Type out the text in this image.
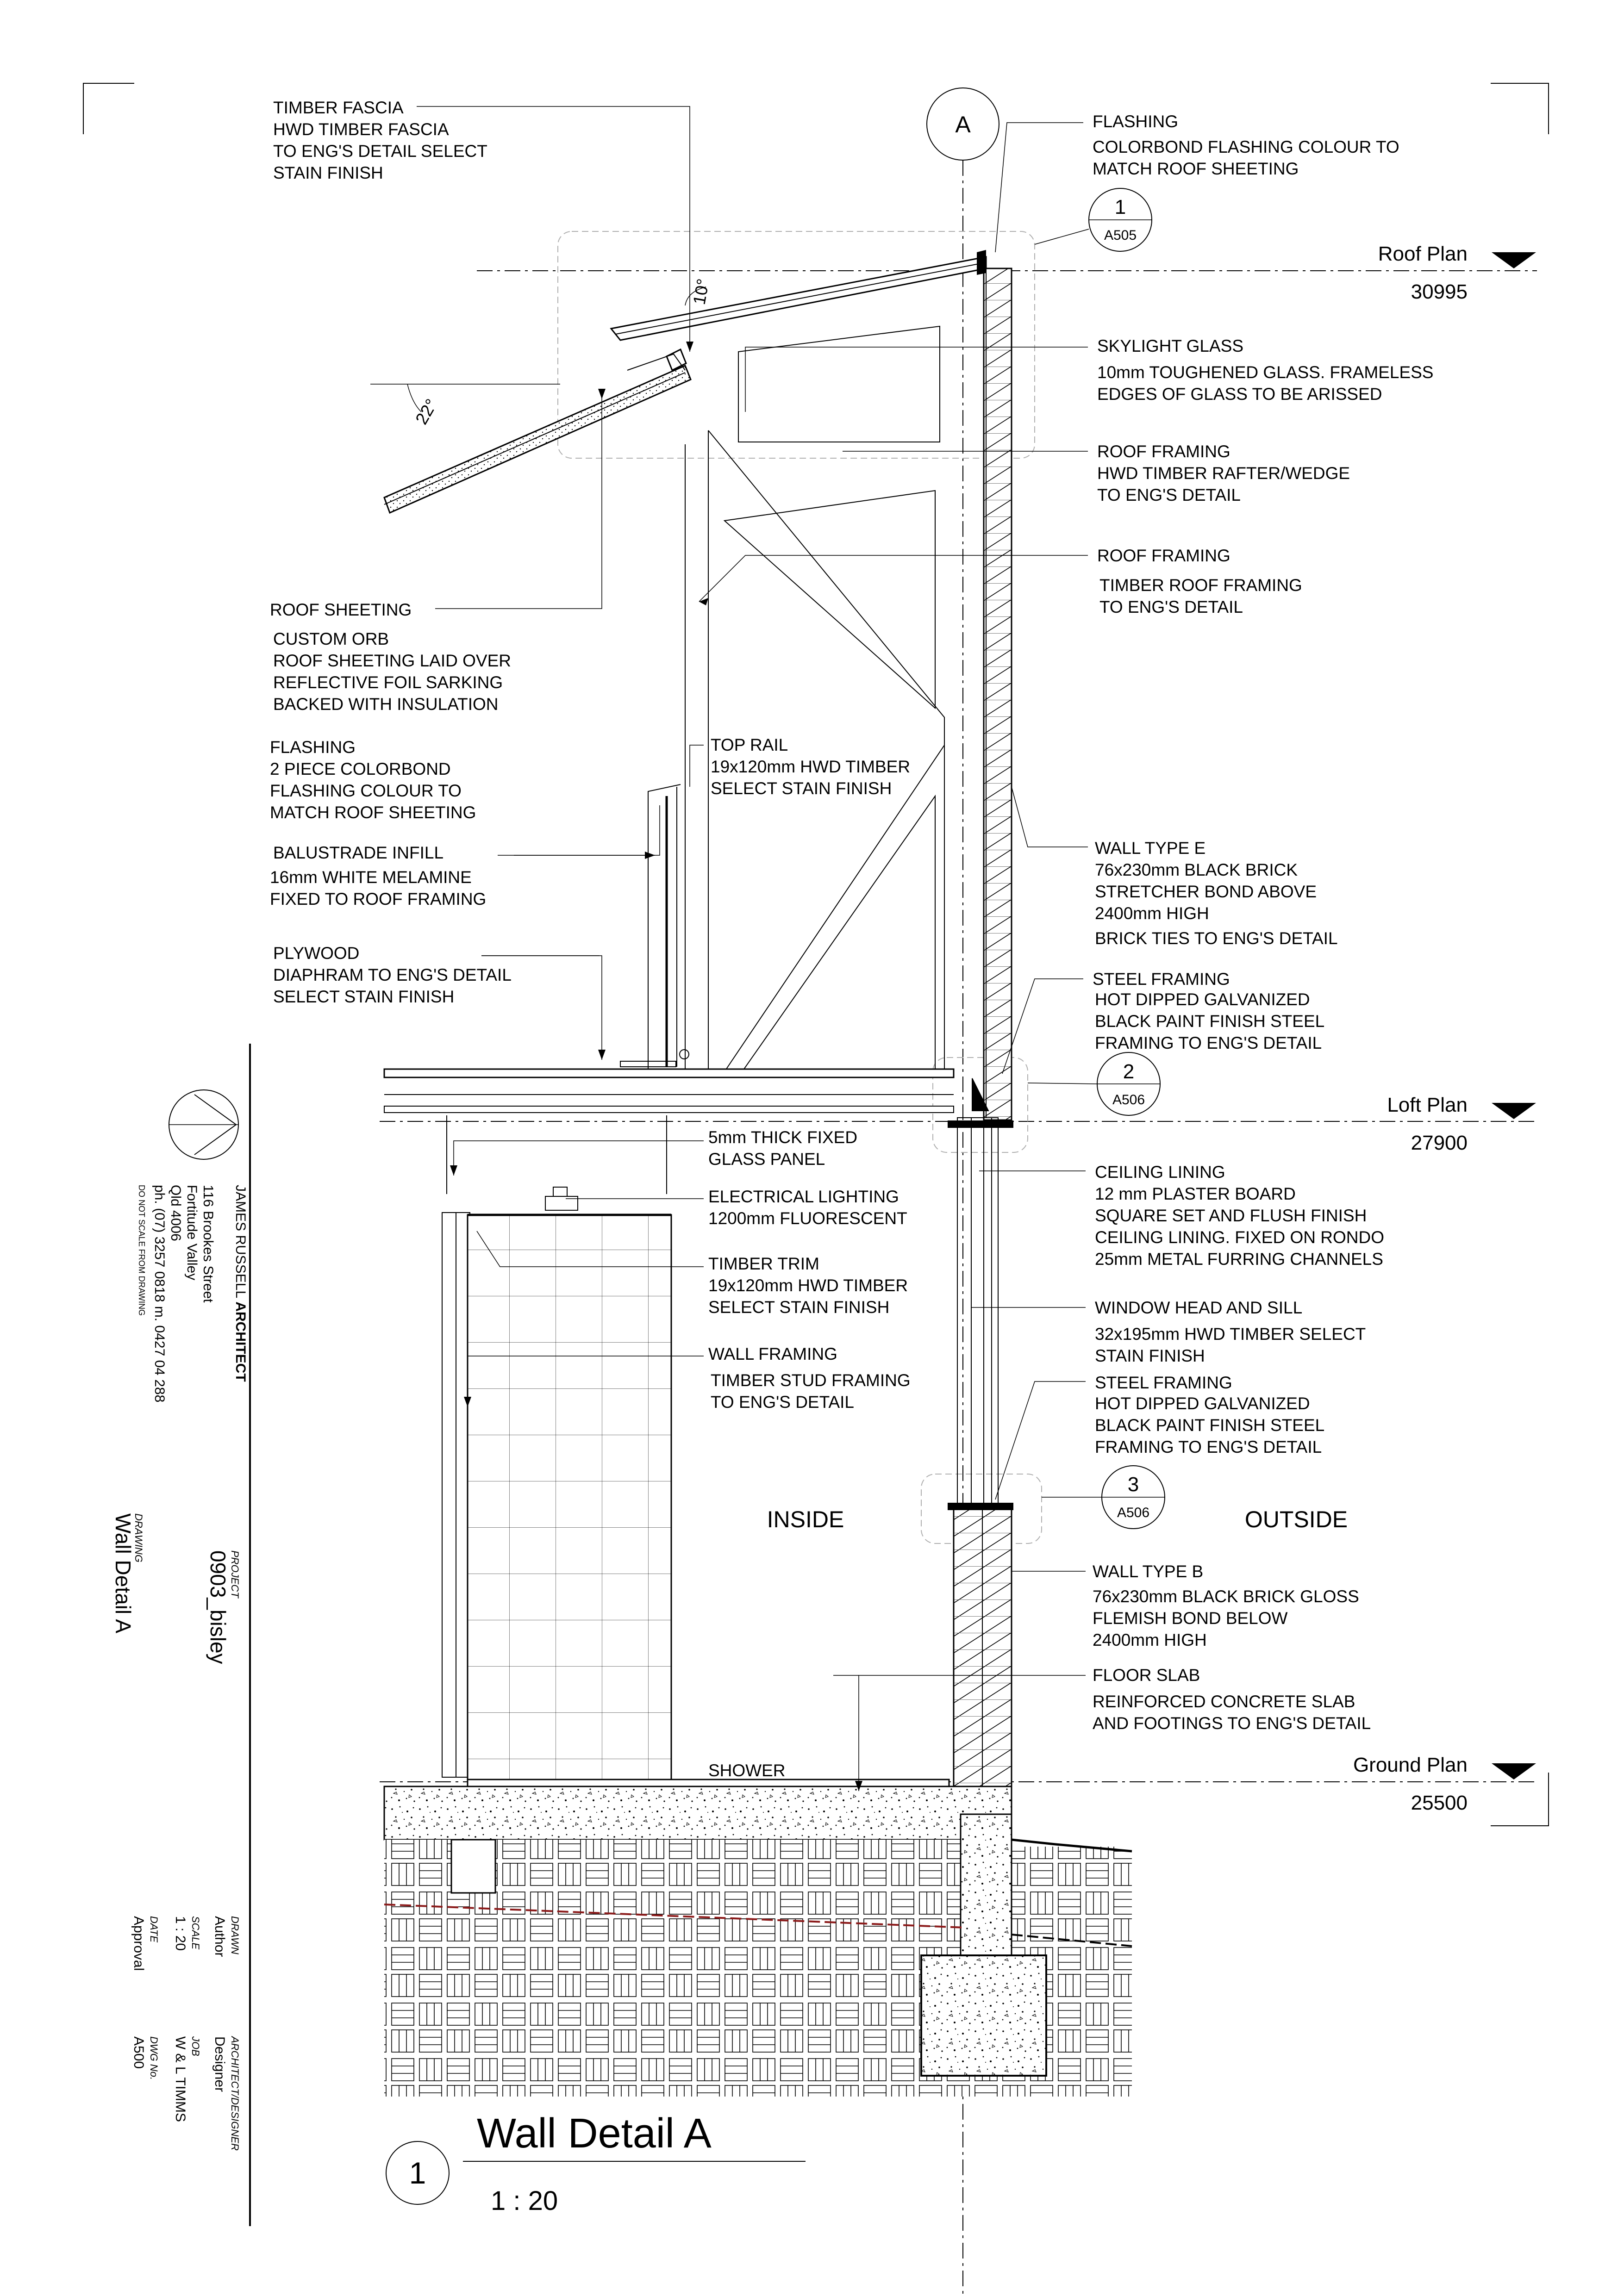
A
Roof Plan
30995
Loft Plan
27900
Ground Plan
25500
1
A505
2
A506
3
A506
10°
22°
TIMBER FASCIA HWD TIMBER FASCIA TO ENG'S DETAIL SELECT STAIN FINISH
ROOF SHEETING CUSTOM ORB ROOF SHEETING LAID OVER REFLECTIVE FOIL SARKING BACKED WITH INSULATION
FLASHING 2 PIECE COLORBOND FLASHING COLOUR TO MATCH ROOF SHEETING
BALUSTRADE INFILL 16mm WHITE MELAMINE FIXED TO ROOF FRAMING
PLYWOOD DIAPHRAM TO ENG'S DETAIL SELECT STAIN FINISH
TOP RAIL 19x120mm HWD TIMBER SELECT STAIN FINISH
5mm THICK FIXED GLASS PANEL
ELECTRICAL LIGHTING 1200mm FLUORESCENT
TIMBER TRIM 19x120mm HWD TIMBER SELECT STAIN FINISH
WALL FRAMING TIMBER STUD FRAMING TO ENG'S DETAIL
SHOWER
FLASHING COLORBOND FLASHING COLOUR TO MATCH ROOF SHEETING
SKYLIGHT GLASS 10mm TOUGHENED GLASS. FRAMELESS EDGES OF GLASS TO BE ARISSED
ROOF FRAMING HWD TIMBER RAFTER/WEDGE TO ENG'S DETAIL
ROOF FRAMING TIMBER ROOF FRAMING TO ENG'S DETAIL
WALL TYPE E 76x230mm BLACK BRICK STRETCHER BOND ABOVE 2400mm HIGH BRICK TIES TO ENG'S DETAIL
STEEL FRAMING HOT DIPPED GALVANIZED BLACK PAINT FINISH STEEL FRAMING TO ENG'S DETAIL
CEILING LINING 12 mm PLASTER BOARD SQUARE SET AND FLUSH FINISH CEILING LINING. FIXED ON RONDO 25mm METAL FURRING CHANNELS
WINDOW HEAD AND SILL 32x195mm HWD TIMBER SELECT STAIN FINISH
STEEL FRAMING HOT DIPPED GALVANIZED BLACK PAINT FINISH STEEL FRAMING TO ENG'S DETAIL
WALL TYPE B 76x230mm BLACK BRICK GLOSS FLEMISH BOND BELOW 2400mm HIGH
FLOOR SLAB REINFORCED CONCRETE SLAB AND FOOTINGS TO ENG'S DETAIL
INSIDE	OUTSIDE
1
Wall Detail A
1 : 20
JAMES RUSSELL ARCHITECT
116 Brookes Street
Fortitude Valley
Qld 4006
ph. (07) 3257 0818 m. 0427 04 288
DO NOT SCALE FROM DRAWING
PROJECT
0903_bisley
DRAWING
Wall Detail A
DRAWN
Author
ARCHITECT/DESIGNER
Designer
SCALE
1 : 20
JOB
W & L TIMMS
DATE
Approval
DWG No.
A500
